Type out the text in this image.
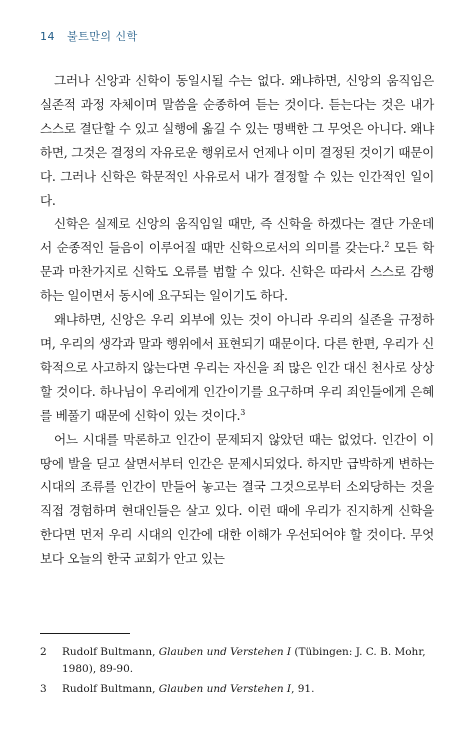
14 불트만의 신학

그러나 신앙과 신학이 동일시될 수는 없다. 왜냐하면, 신앙의 움직임은 실존적 과정 자체이며 말씀을 순종하여 듣는 것이다. 듣는다는 것은 내가 스스로 결단할 수 있고 실행에 옮길 수 있는 명백한 그 무엇은 아니다. 왜냐하면, 그것은 결정의 자유로운 행위로서 언제나 이미 결정된 것이기 때문이다. 그러나 신학은 학문적인 사유로서 내가 결정할 수 있는 인간적인 일이다.

신학은 실제로 신앙의 움직임일 때만, 즉 신학을 하겠다는 결단 가운데서 순종적인 들음이 이루어질 때만 신학으로서의 의미를 갖는다.$^2$ 모든 학문과 마찬가지로 신학도 오류를 범할 수 있다. 신학은 따라서 스스로 감행하는 일이면서 동시에 요구되는 일이기도 하다.

왜냐하면, 신앙은 우리 외부에 있는 것이 아니라 우리의 실존을 규정하며, 우리의 생각과 말과 행위에서 표현되기 때문이다. 다른 한편, 우리가 신학적으로 사고하지 않는다면 우리는 자신을 죄 많은 인간 대신 천사로 상상할 것이다. 하나님이 우리에게 인간이기를 요구하며 우리 죄인들에게 은혜를 베풀기 때문에 신학이 있는 것이다.$^3$

어느 시대를 막론하고 인간이 문제되지 않았던 때는 없었다. 인간이 이 땅에 발을 딛고 살면서부터 인간은 문제시되었다. 하지만 급박하게 변하는 시대의 조류를 인간이 만들어 놓고는 결국 그것으로부터 소외당하는 것을 직접 경험하며 현대인들은 살고 있다. 이런 때에 우리가 진지하게 신학을 한다면 먼저 우리 시대의 인간에 대한 이해가 우선되어야 할 것이다. 무엇보다 오늘의 한국 교회가 안고 있는

2	Rudolf Bultmann, Glauben und Verstehen I (Tübingen: J. C. B. Mohr, 1980), 89-90.
3	Rudolf Bultmann, Glauben und Verstehen I, 91.
